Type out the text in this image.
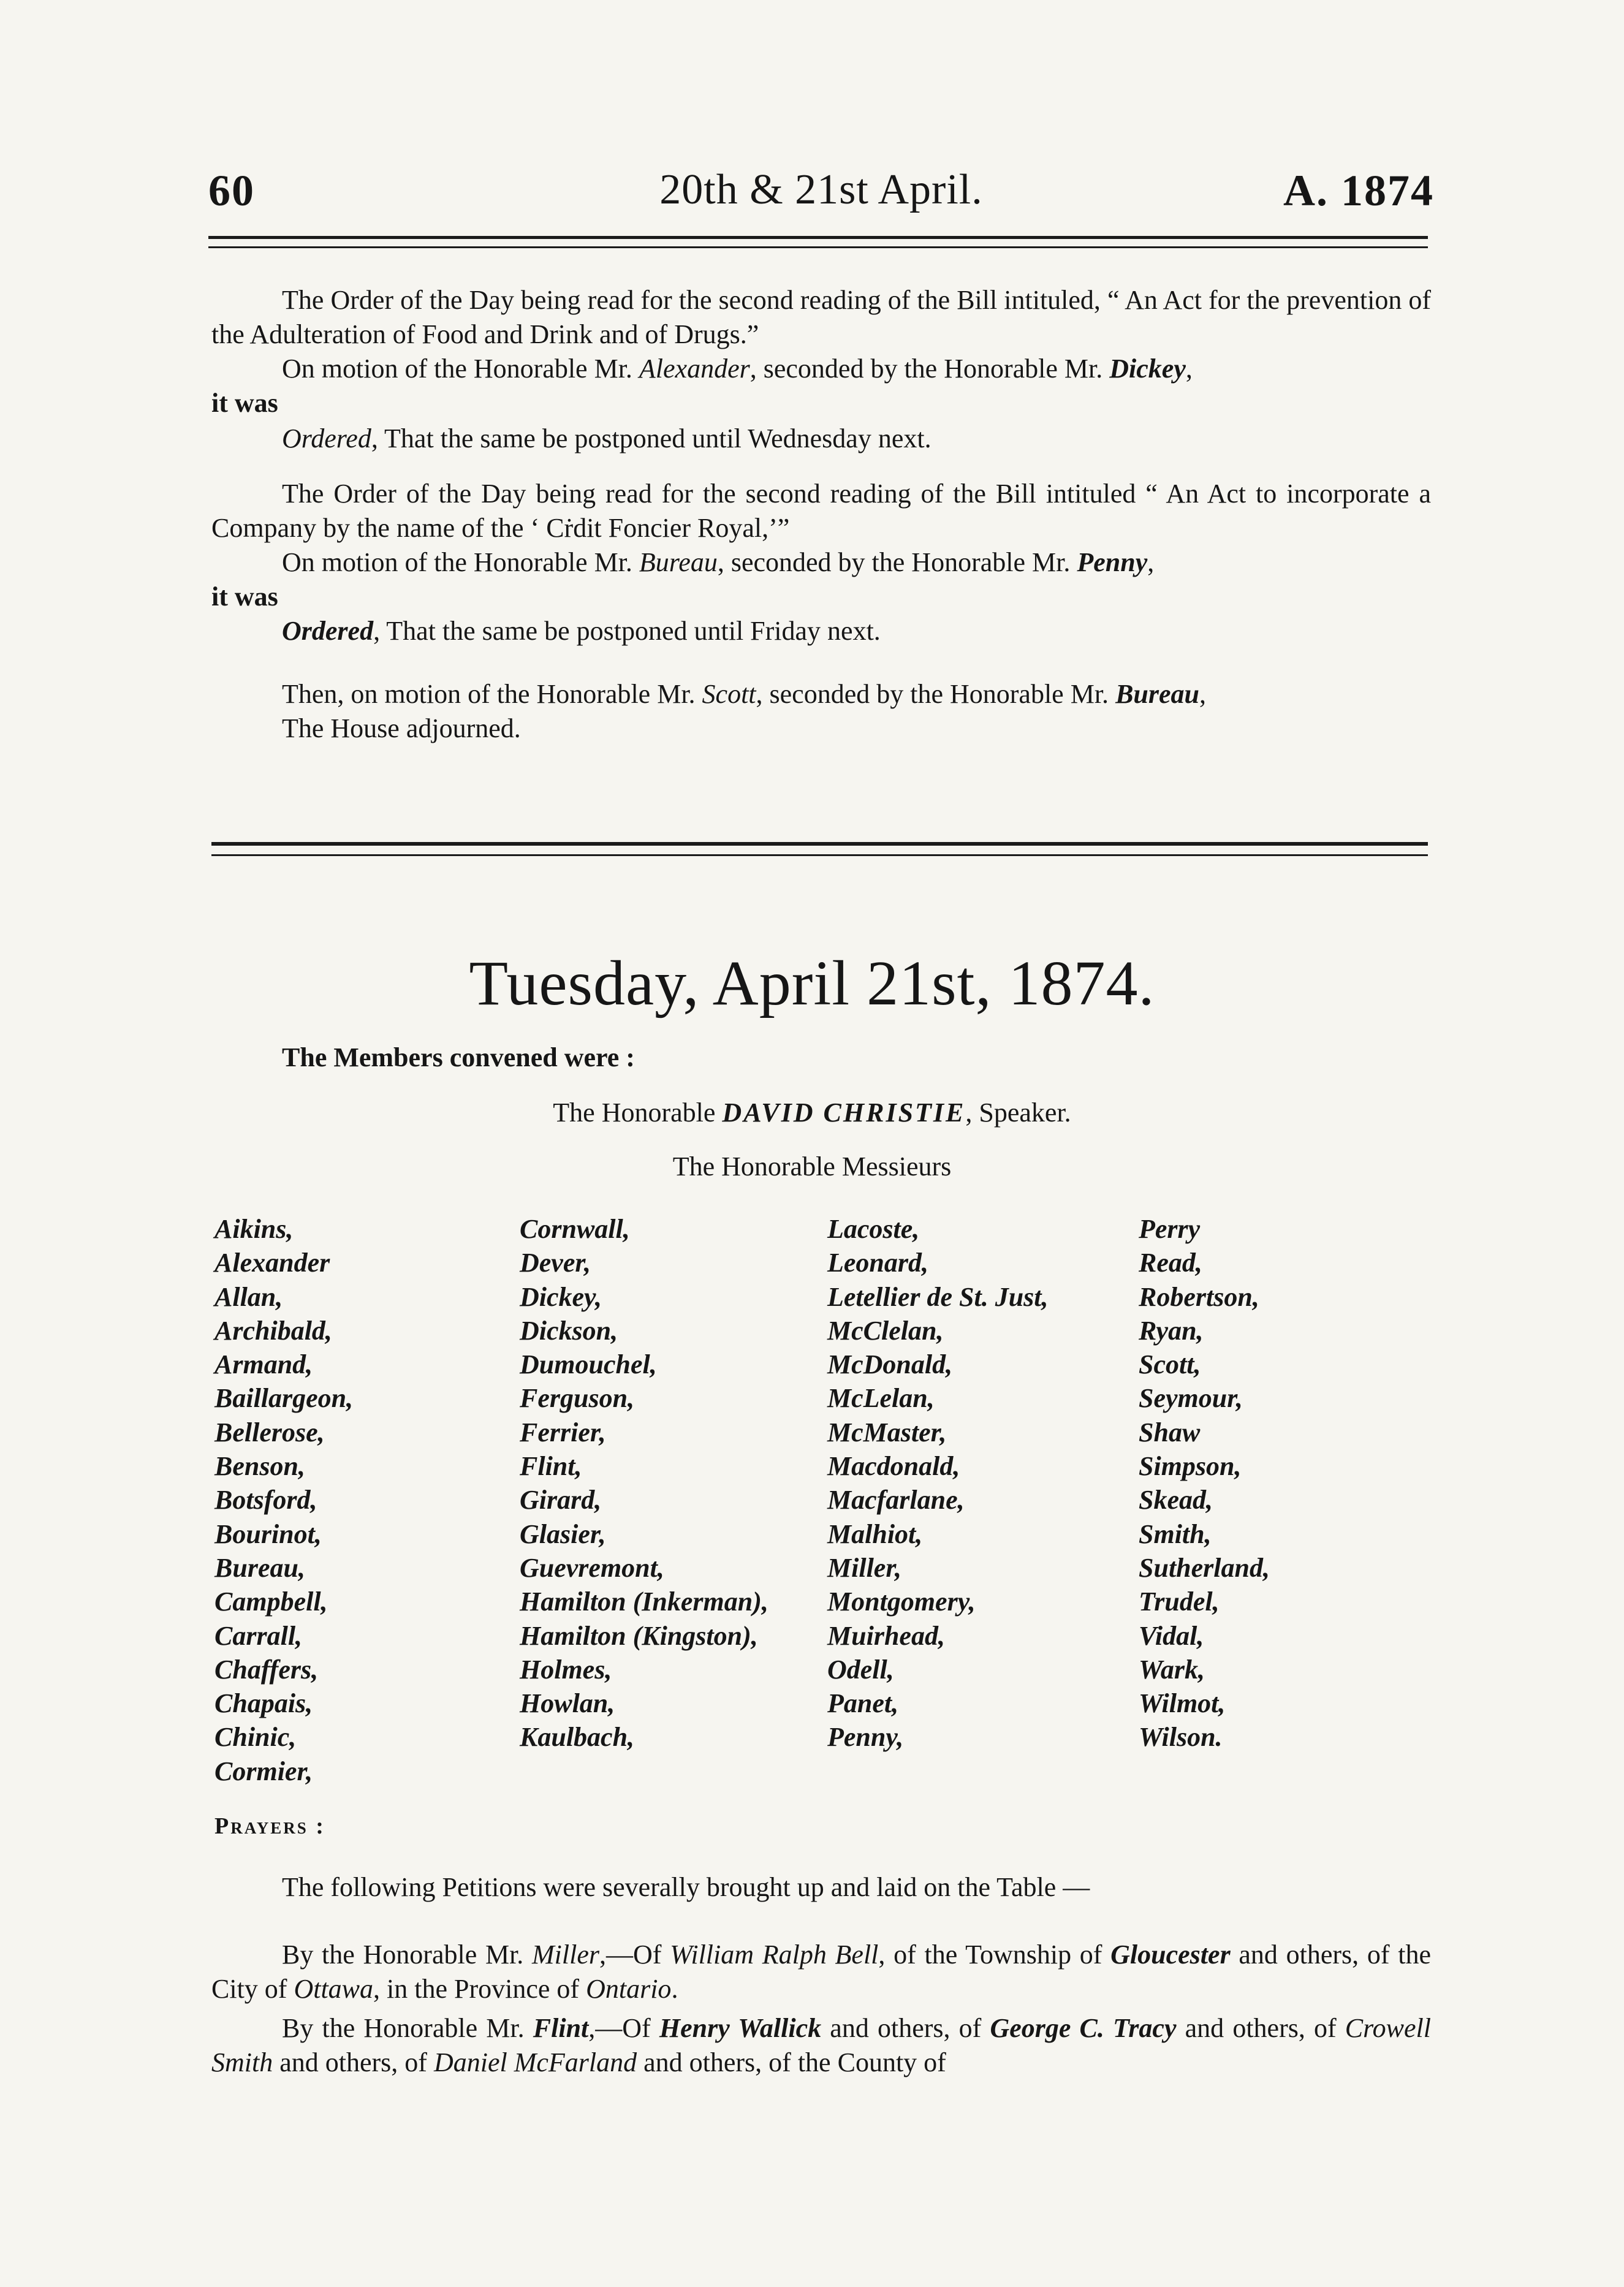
60	20th & 21st April.	A. 1874

The Order of the Day being read for the second reading of the Bill intituled, “ An Act for the prevention of the Adulteration of Food and Drink and of Drugs.”

On motion of the Honorable Mr. Alexander, seconded by the Honorable Mr. Dickey,
it was

Ordered, That the same be postponed until Wednesday next.

The Order of the Day being read for the second reading of the Bill intituled “ An Act to incorporate a Company by the name of the ‘ Cṙdit Foncier Royal,’”

On motion of the Honorable Mr. Bureau, seconded by the Honorable Mr. Penny,
it was

Ordered, That the same be postponed until Friday next.
Then, on motion of the Honorable Mr. Scott, seconded by the Honorable Mr. Bureau,
The House adjourned.
Tuesday, April 21st, 1874.
The Members convened were :
The Honorable DAVID CHRISTIE, Speaker.
The Honorable Messieurs
Aikins,
Alexander
Allan,
Archibald,
Armand,
Baillargeon,
Bellerose,
Benson,
Botsford,
Bourinot,
Bureau,
Campbell,
Carrall,
Chaffers,
Chapais,
Chinic,
Cormier,
Cornwall,
Dever,
Dickey,
Dickson,
Dumouchel,
Ferguson,
Ferrier,
Flint,
Girard,
Glasier,
Guevremont,
Hamilton (Inkerman),
Hamilton (Kingston),
Holmes,
Howlan,
Kaulbach,
Lacoste,
Leonard,
Letellier de St. Just,
McClelan,
McDonald,
McLelan,
McMaster,
Macdonald,
Macfarlane,
Malhiot,
Miller,
Montgomery,
Muirhead,
Odell,
Panet,
Penny,
Perry
Read,
Robertson,
Ryan,
Scott,
Seymour,
Shaw
Simpson,
Skead,
Smith,
Sutherland,
Trudel,
Vidal,
Wark,
Wilmot,
Wilson.
Prayers :
The following Petitions were severally brought up and laid on the Table —

By the Honorable Mr. Miller,—Of William Ralph Bell, of the Township of Gloucester and others, of the City of Ottawa, in the Province of Ontario.

By the Honorable Mr. Flint,—Of Henry Wallick and others, of George C. Tracy and others, of Crowell Smith and others, of Daniel McFarland and others, of the County of
